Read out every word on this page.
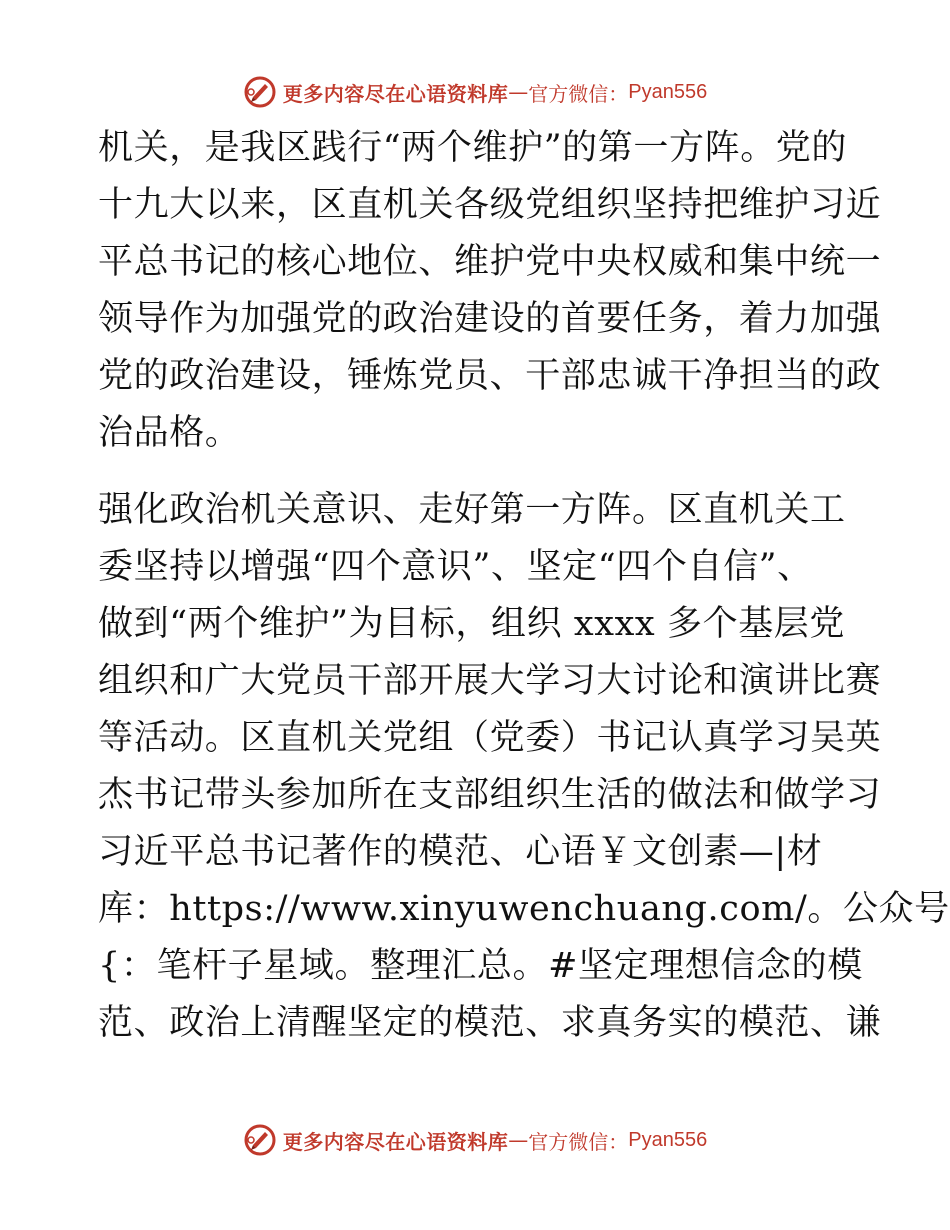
更多内容尽在心语资料库 — 官方微信： Pyan556
机关，是我区践行“两个维护”的第一方阵。党的
十九大以来，区直机关各级党组织坚持把维护习近
平总书记的核心地位、维护党中央权威和集中统一
领导作为加强党的政治建设的首要任务，着力加强
党的政治建设，锤炼党员、干部忠诚干净担当的政
治品格。
强化政治机关意识、走好第一方阵。区直机关工
委坚持以增强“四个意识”、坚定“四个自信”、
做到“两个维护”为目标，组织 xxxx 多个基层党
组织和广大党员干部开展大学习大讨论和演讲比赛
等活动。区直机关党组（党委）书记认真学习吴英
杰书记带头参加所在支部组织生活的做法和做学习
习近平总书记著作的模范、心语￥文创素—|材
库：https://www.xinyuwenchuang.com/。公众号
{：笔杆子星域。整理汇总。#坚定理想信念的模
范、政治上清醒坚定的模范、求真务实的模范、谦
更多内容尽在心语资料库 — 官方微信： Pyan556
